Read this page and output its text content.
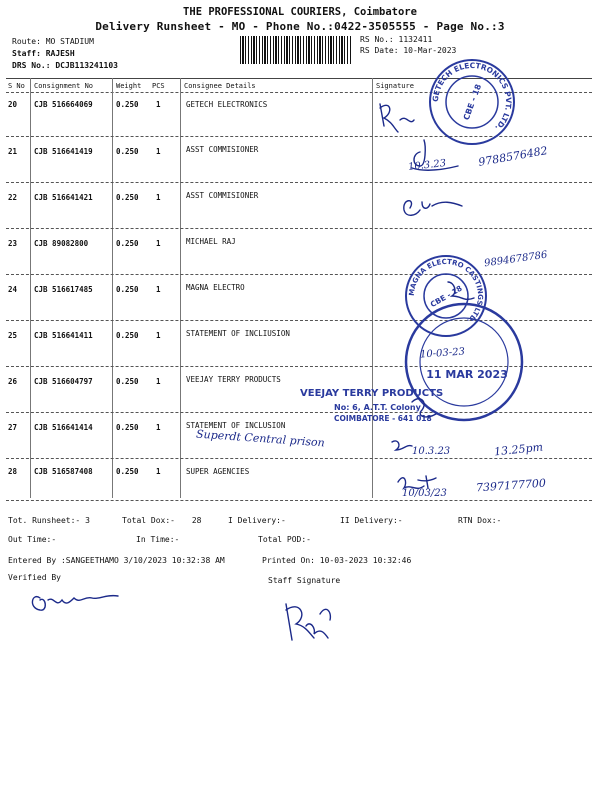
THE PROFESSIONAL COURIERS, Coimbatore
Delivery Runsheet - MO - Phone No.:0422-3505555 - Page No.:3
Route: MO STADIUM
Staff: RAJESH
DRS No.: DCJB113241103
RS No.: 1132411
RS Date: 10-Mar-2023
S No Consignment No	Weight PCS	Consignee Details	Signature
20 CJB 516664069	0.250 1	GETECH ELECTRONICS
21 CJB 516641419	0.250 1	ASST COMMISIONER
22 CJB 516641421	0.250 1	ASST COMMISIONER
23 CJB 89082800	0.250 1	MICHAEL RAJ
24 CJB 516617485	0.250 1	MAGNA ELECTRO
25 CJB 516641411	0.250 1	STATEMENT OF INCLIUSION
26 CJB 516604797	0.250 1	VEEJAY TERRY PRODUCTS
27 CJB 516641414	0.250 1	STATEMENT OF INCLUSION
28 CJB 516587408	0.250 1	SUPER AGENCIES
GETECH ELECTRONICS PVT. LTD.
CBE - 18
MAGNA ELECTRO CASTINGS LTD.
CBE - 18
11 MAR 2023
VEEJAY TERRY PRODUCTS
No: 6, A.T.T. Colony
COIMBATORE - 641 018
10.3.23	9788576482
9894678786
10-03-23
Superdt Central prison
10.3.23	13.25pm
10/03/23	7397177700
Tot. Runsheet:- 3	Total Dox:- 28	I Delivery:-	II Delivery:-	RTN Dox:-
Out Time:-	In Time:-	Total POD:-
Entered By :SANGEETHAMO 3/10/2023 10:32:38 AM	Printed On: 10-03-2023 10:32:46
Verified By	Staff Signature
